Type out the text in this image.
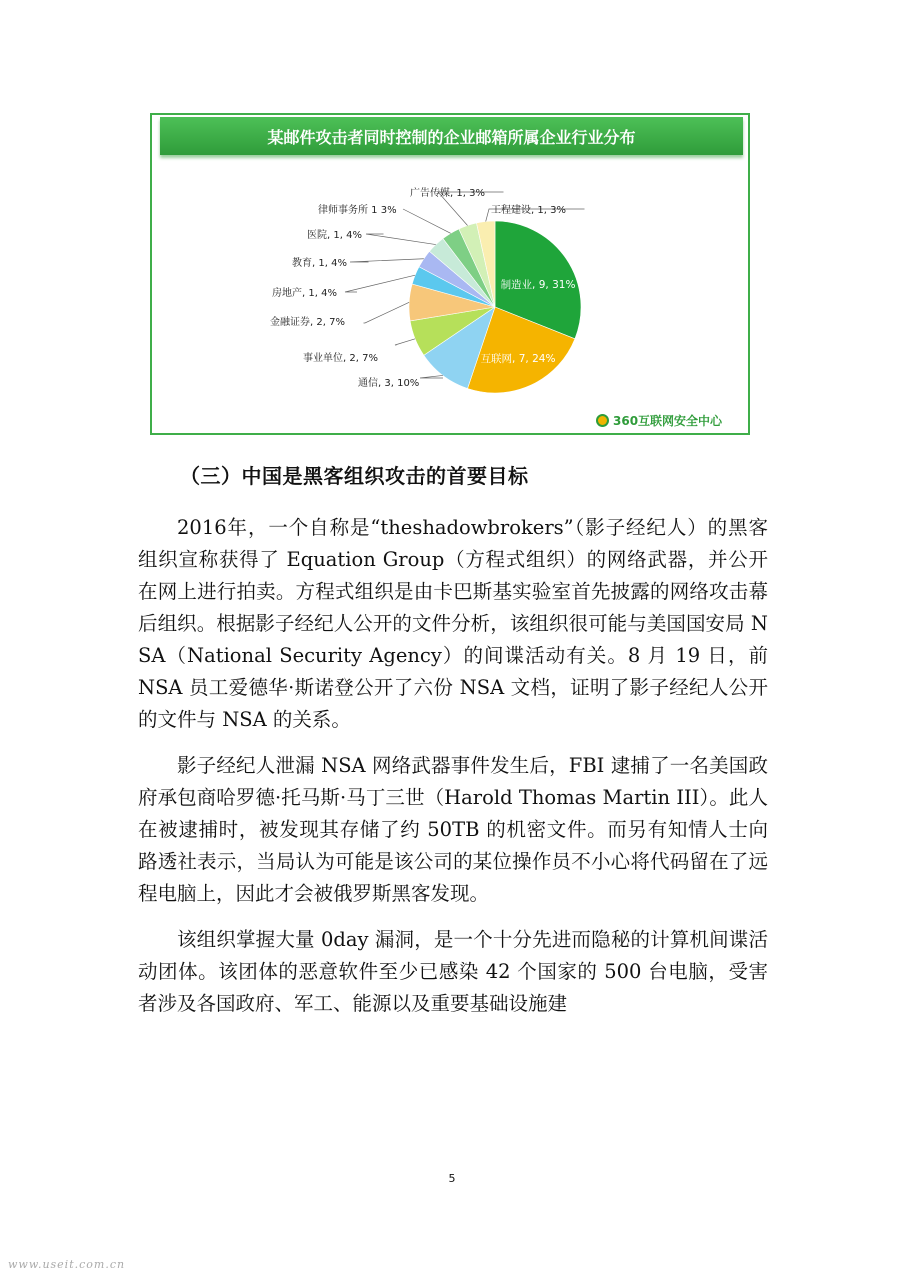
某邮件攻击者同时控制的企业邮箱所属企业行业分布
制造业, 9, 31%
互联网, 7, 24%
通信, 3, 10%
事业单位, 2, 7%
金融证券, 2, 7%
房地产, 1, 4%
教育, 1, 4%
医院, 1, 4%
律师事务所 1 3%
广告传媒, 1, 3%
工程建设, 1, 3%
360互联网安全中心
（三）中国是黑客组织攻击的首要目标

2016年，一个自称是“theshadowbrokers”（影子经纪人）的黑客组织宣称获得了 Equation Group（方程式组织）的网络武器，并公开在网上进行拍卖。方程式组织是由卡巴斯基实验室首先披露的网络攻击幕后组织。根据影子经纪人公开的文件分析，该组织很可能与美国国安局 NSA（National Security Agency）的间谍活动有关。8 月 19 日，前 NSA 员工爱德华·斯诺登公开了六份 NSA 文档，证明了影子经纪人公开的文件与 NSA 的关系。

影子经纪人泄漏 NSA 网络武器事件发生后，FBI 逮捕了一名美国政府承包商哈罗德·托马斯·马丁三世（Harold Thomas Martin III）。此人在被逮捕时，被发现其存储了约 50TB 的机密文件。而另有知情人士向路透社表示，当局认为可能是该公司的某位操作员不小心将代码留在了远程电脑上，因此才会被俄罗斯黑客发现。

该组织掌握大量 0day 漏洞，是一个十分先进而隐秘的计算机间谍活动团体。该团体的恶意软件至少已感染 42 个国家的 500 台电脑，受害者涉及各国政府、军工、能源以及重要基础设施建

5
www.useit.com.cn
